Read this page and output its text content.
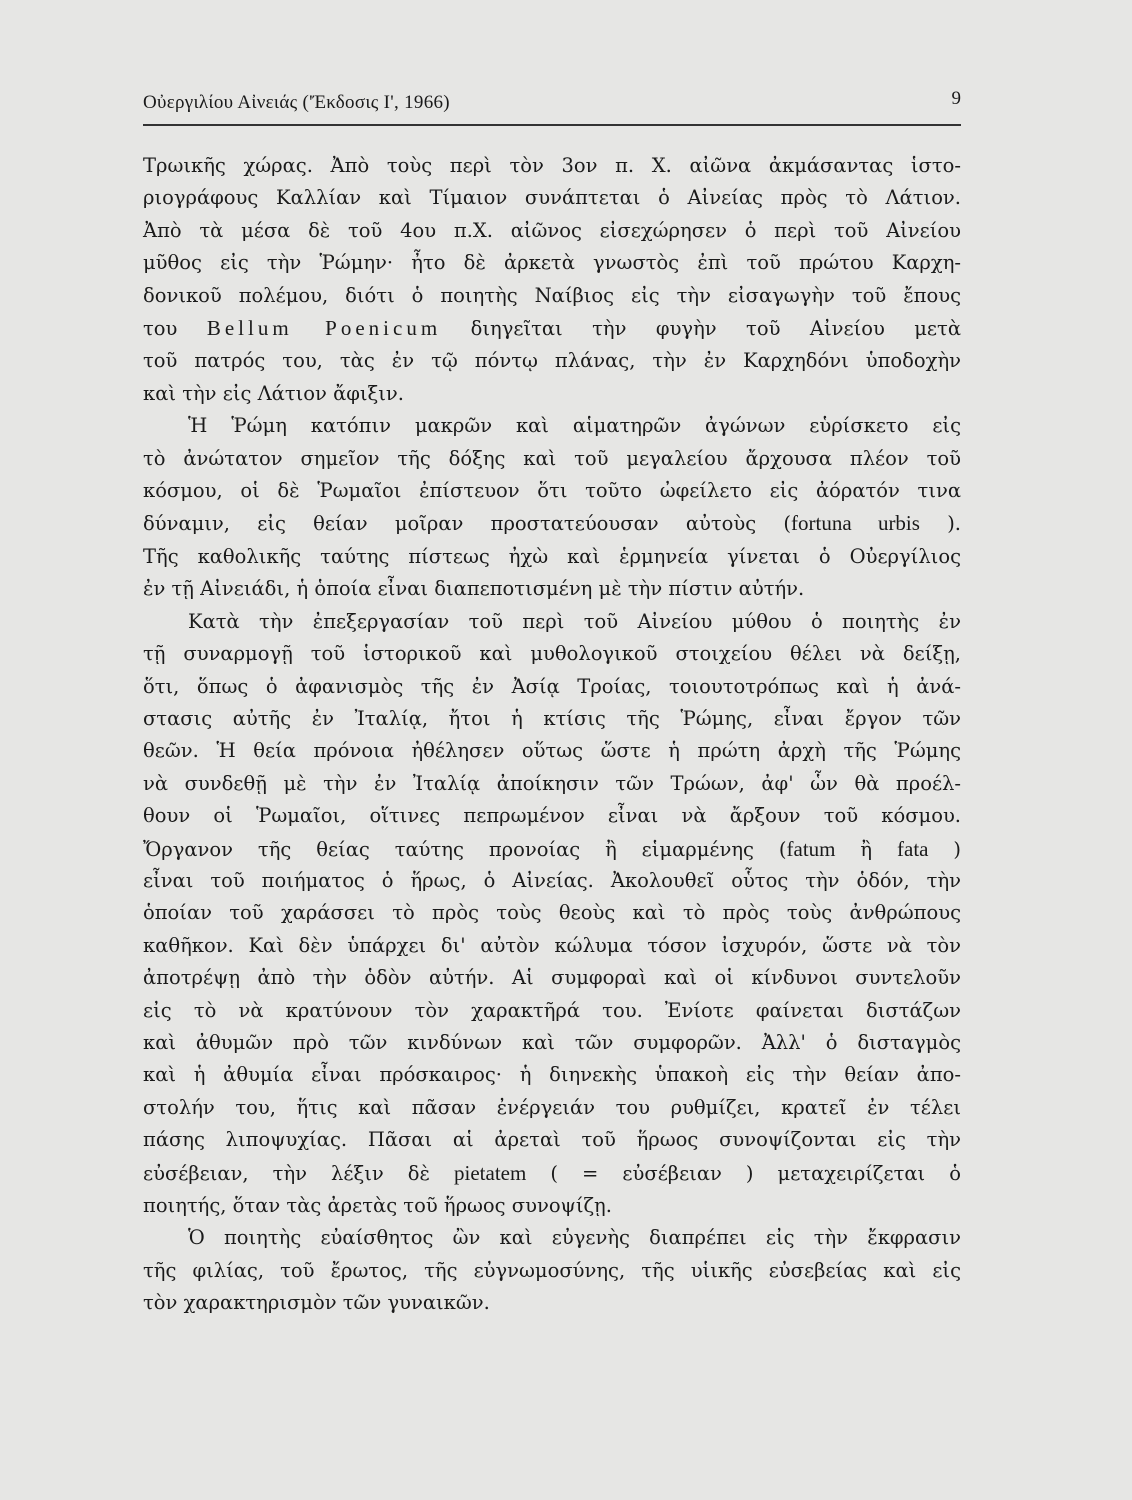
Οὐεργιλίου Αἰνειάς ('Έκδοσις Ι', 1966)	9
Τρωικῆς χώρας. Ἀπὸ τοὺς περὶ τὸν 3ον π. Χ. αἰῶνα ἀκμάσαντας ἱστο-
ριογράφους Καλλίαν καὶ Τίμαιον συνάπτεται ὁ Αἰνείας πρὸς τὸ Λάτιον.
Ἀπὸ τὰ μέσα δὲ τοῦ 4ου π.Χ. αἰῶνος εἰσεχώρησεν ὁ περὶ τοῦ Αἰνείου
μῦθος εἰς τὴν Ῥώμην· ἦτο δὲ ἀρκετὰ γνωστὸς ἐπὶ τοῦ πρώτου Καρχη-
δονικοῦ πολέμου, διότι ὁ ποιητὴς Ναίβιος εἰς τὴν εἰσαγωγὴν τοῦ ἔπους
του Bellum Poenicum διηγεῖται τὴν φυγὴν τοῦ Αἰνείου μετὰ
τοῦ πατρός του, τὰς ἐν τῷ πόντῳ πλάνας, τὴν ἐν Καρχηδόνι ὑποδοχὴν
καὶ τὴν εἰς Λάτιον ἄφιξιν.
Ἡ Ῥώμη κατόπιν μακρῶν καὶ αἱματηρῶν ἀγώνων εὑρίσκετο εἰς
τὸ ἀνώτατον σημεῖον τῆς δόξης καὶ τοῦ μεγαλείου ἄρχουσα πλέον τοῦ
κόσμου, οἱ δὲ Ῥωμαῖοι ἐπίστευον ὅτι τοῦτο ὠφείλετο εἰς ἀόρατόν τινα
δύναμιν, εἰς θείαν μοῖραν προστατεύουσαν αὐτοὺς (fortuna urbis ).
Τῆς καθολικῆς ταύτης πίστεως ἠχὼ καὶ ἑρμηνεία γίνεται ὁ Οὐεργίλιος
ἐν τῇ Αἰνειάδι, ἡ ὁποία εἶναι διαπεποτισμένη μὲ τὴν πίστιν αὐτήν.
Κατὰ τὴν ἐπεξεργασίαν τοῦ περὶ τοῦ Αἰνείου μύθου ὁ ποιητὴς ἐν
τῇ συναρμογῇ τοῦ ἱστορικοῦ καὶ μυθολογικοῦ στοιχείου θέλει νὰ δείξῃ,
ὅτι, ὅπως ὁ ἀφανισμὸς τῆς ἐν Ἀσίᾳ Τροίας, τοιουτοτρόπως καὶ ἡ ἀνά-
στασις αὐτῆς ἐν Ἰταλίᾳ, ἤτοι ἡ κτίσις τῆς Ῥώμης, εἶναι ἔργον τῶν
θεῶν. Ἡ θεία πρόνοια ἠθέλησεν οὕτως ὥστε ἡ πρώτη ἀρχὴ τῆς Ῥώμης
νὰ συνδεθῇ μὲ τὴν ἐν Ἰταλίᾳ ἀποίκησιν τῶν Τρώων, ἀφ' ὧν θὰ προέλ-
θουν οἱ Ῥωμαῖοι, οἵτινες πεπρωμένον εἶναι νὰ ἄρξουν τοῦ κόσμου.
Ὄργανον τῆς θείας ταύτης προνοίας ἢ εἱμαρμένης (fatum ἢ fata )
εἶναι τοῦ ποιήματος ὁ ἥρως, ὁ Αἰνείας. Ἀκολουθεῖ οὗτος τὴν ὁδόν, τὴν
ὁποίαν τοῦ χαράσσει τὸ πρὸς τοὺς θεοὺς καὶ τὸ πρὸς τοὺς ἀνθρώπους
καθῆκον. Καὶ δὲν ὑπάρχει δι' αὐτὸν κώλυμα τόσον ἰσχυρόν, ὥστε νὰ τὸν
ἀποτρέψῃ ἀπὸ τὴν ὁδὸν αὐτήν. Αἱ συμφοραὶ καὶ οἱ κίνδυνοι συντελοῦν
εἰς τὸ νὰ κρατύνουν τὸν χαρακτῆρά του. Ἐνίοτε φαίνεται διστάζων
καὶ ἀθυμῶν πρὸ τῶν κινδύνων καὶ τῶν συμφορῶν. Ἀλλ' ὁ δισταγμὸς
καὶ ἡ ἀθυμία εἶναι πρόσκαιρος· ἡ διηνεκὴς ὑπακοὴ εἰς τὴν θείαν ἀπο-
στολήν του, ἥτις καὶ πᾶσαν ἐνέργειάν του ρυθμίζει, κρατεῖ ἐν τέλει
πάσης λιποψυχίας. Πᾶσαι αἱ ἀρεταὶ τοῦ ἥρωος συνοψίζονται εἰς τὴν
εὐσέβειαν, τὴν λέξιν δὲ pietatem ( = εὐσέβειαν ) μεταχειρίζεται ὁ
ποιητής, ὅταν τὰς ἀρετὰς τοῦ ἥρωος συνοψίζῃ.
Ὁ ποιητὴς εὐαίσθητος ὢν καὶ εὐγενὴς διαπρέπει εἰς τὴν ἔκφρασιν
τῆς φιλίας, τοῦ ἔρωτος, τῆς εὐγνωμοσύνης, τῆς υἱικῆς εὐσεβείας καὶ εἰς
τὸν χαρακτηρισμὸν τῶν γυναικῶν.
